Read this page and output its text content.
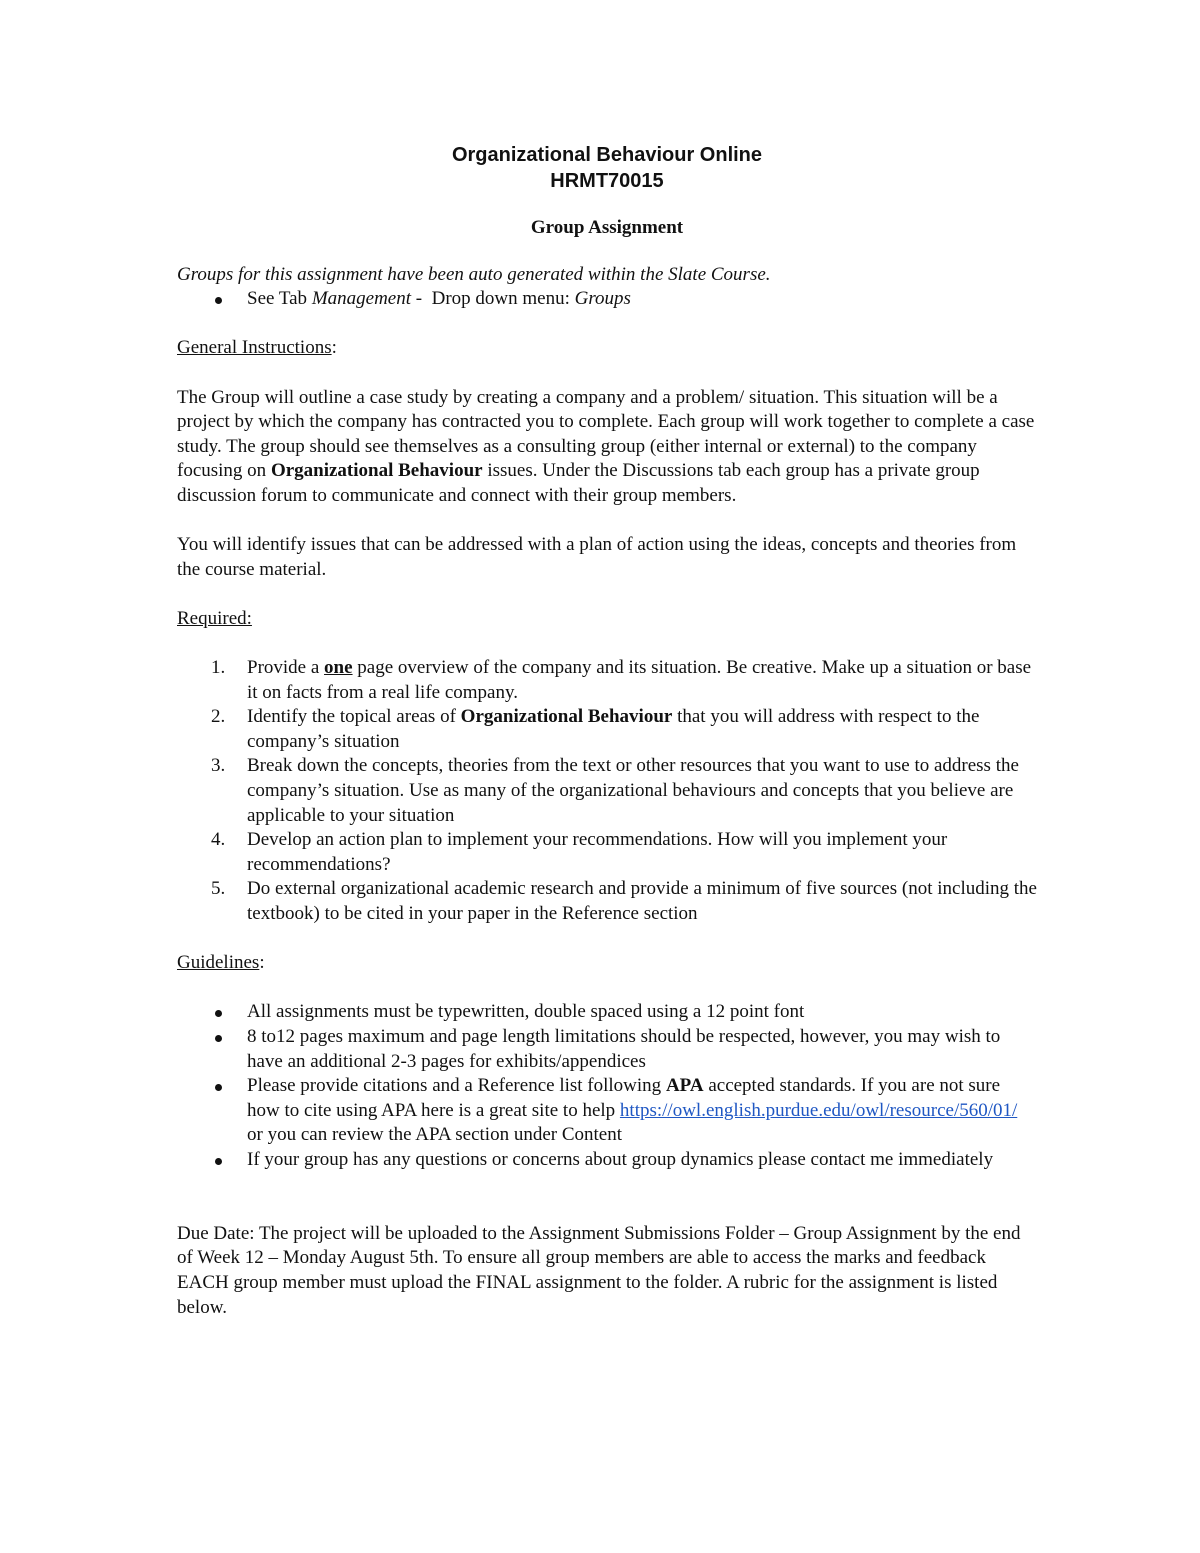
Organizational Behaviour Online

HRMT70015

Group Assignment

Groups for this assignment have been auto generated within the Slate Course.

See Tab Management -  Drop down menu: Groups

General Instructions:

The Group will outline a case study by creating a company and a problem/ situation. This situation will be a project by which the company has contracted you to complete. Each group will work together to complete a case study. The group should see themselves as a consulting group (either internal or external) to the company focusing on Organizational Behaviour issues. Under the Discussions tab each group has a private group discussion forum to communicate and connect with their group members.

You will identify issues that can be addressed with a plan of action using the ideas, concepts and theories from the course material.

Required:

1.	Provide a one page overview of the company and its situation. Be creative. Make up a situation or base it on facts from a real life company.
2.	Identify the topical areas of Organizational Behaviour that you will address with respect to the company’s situation
3.	Break down the concepts, theories from the text or other resources that you want to use to address the company’s situation. Use as many of the organizational behaviours and concepts that you believe are applicable to your situation
4.	Develop an action plan to implement your recommendations. How will you implement your recommendations?
5.	Do external organizational academic research and provide a minimum of five sources (not including the textbook) to be cited in your paper in the Reference section

Guidelines:

All assignments must be typewritten, double spaced using a 12 point font
8 to12 pages maximum and page length limitations should be respected, however, you may wish to have an additional 2-3 pages for exhibits/appendices
Please provide citations and a Reference list following APA accepted standards. If you are not sure how to cite using APA here is a great site to help https://owl.english.purdue.edu/owl/resource/560/01/ or you can review the APA section under Content
If your group has any questions or concerns about group dynamics please contact me immediately

Due Date: The project will be uploaded to the Assignment Submissions Folder – Group Assignment by the end of Week 12 – Monday August 5th. To ensure all group members are able to access the marks and feedback EACH group member must upload the FINAL assignment to the folder. A rubric for the assignment is listed below.
